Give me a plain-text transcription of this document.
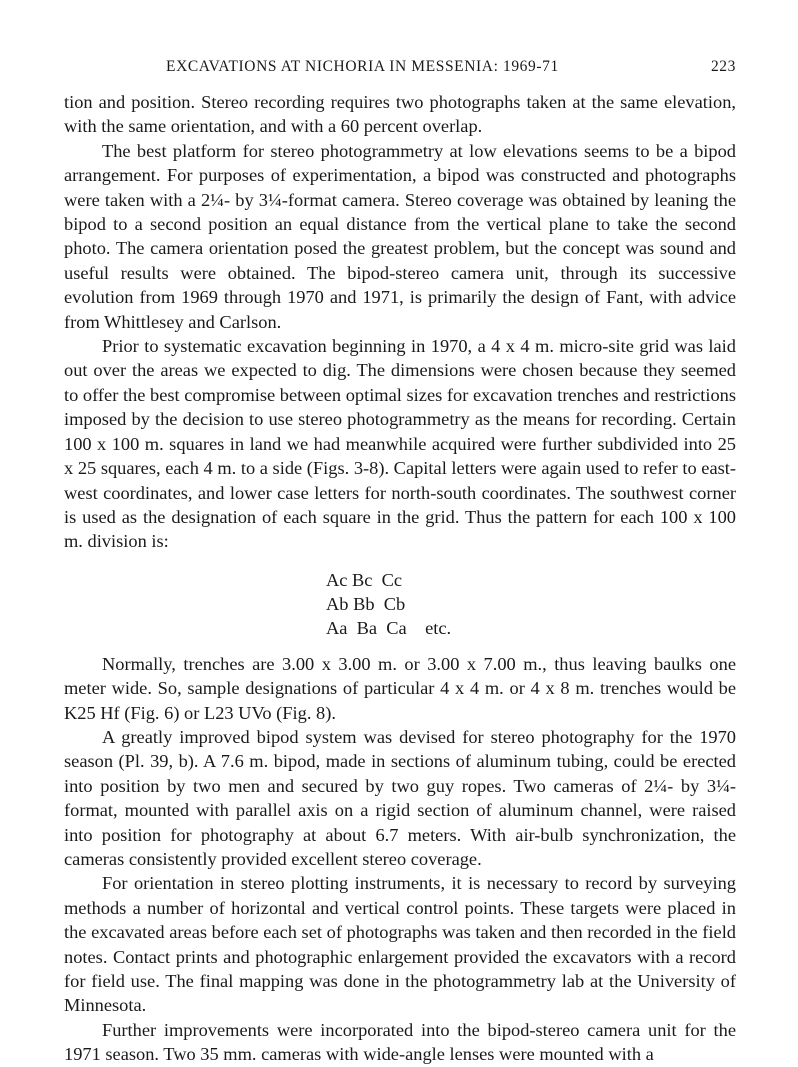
EXCAVATIONS AT NICHORIA IN MESSENIA: 1969-71	223

tion and position. Stereo recording requires two photographs taken at the same elevation, with the same orientation, and with a 60 percent overlap.

The best platform for stereo photogrammetry at low elevations seems to be a bipod arrangement. For purposes of experimentation, a bipod was constructed and photographs were taken with a 2¼- by 3¼-format camera. Stereo coverage was obtained by leaning the bipod to a second position an equal distance from the vertical plane to take the second photo. The camera orientation posed the greatest problem, but the concept was sound and useful results were obtained. The bipod-stereo camera unit, through its successive evolution from 1969 through 1970 and 1971, is primarily the design of Fant, with advice from Whittlesey and Carlson.

Prior to systematic excavation beginning in 1970, a 4 x 4 m. micro-site grid was laid out over the areas we expected to dig. The dimensions were chosen because they seemed to offer the best compromise between optimal sizes for excavation trenches and restrictions imposed by the decision to use stereo photogrammetry as the means for recording. Certain 100 x 100 m. squares in land we had meanwhile acquired were further subdivided into 25 x 25 squares, each 4 m. to a side (Figs. 3-8). Capital letters were again used to refer to east-west coordinates, and lower case letters for north-south coordinates. The southwest corner is used as the designation of each square in the grid. Thus the pattern for each 100 x 100 m. division is:

Ac Bc  Cc
Ab Bb  Cb
Aa  Ba  Ca    etc.

Normally, trenches are 3.00 x 3.00 m. or 3.00 x 7.00 m., thus leaving baulks one meter wide. So, sample designations of particular 4 x 4 m. or 4 x 8 m. trenches would be K25 Hf (Fig. 6) or L23 UVo (Fig. 8).

A greatly improved bipod system was devised for stereo photography for the 1970 season (Pl. 39, b). A 7.6 m. bipod, made in sections of aluminum tubing, could be erected into position by two men and secured by two guy ropes. Two cameras of 2¼- by 3¼-format, mounted with parallel axis on a rigid section of aluminum channel, were raised into position for photography at about 6.7 meters. With air-bulb synchronization, the cameras consistently provided excellent stereo coverage.

For orientation in stereo plotting instruments, it is necessary to record by surveying methods a number of horizontal and vertical control points. These targets were placed in the excavated areas before each set of photographs was taken and then recorded in the field notes. Contact prints and photographic enlargement provided the excavators with a record for field use. The final mapping was done in the photogrammetry lab at the University of Minnesota.

Further improvements were incorporated into the bipod-stereo camera unit for the 1971 season. Two 35 mm. cameras with wide-angle lenses were mounted with a
